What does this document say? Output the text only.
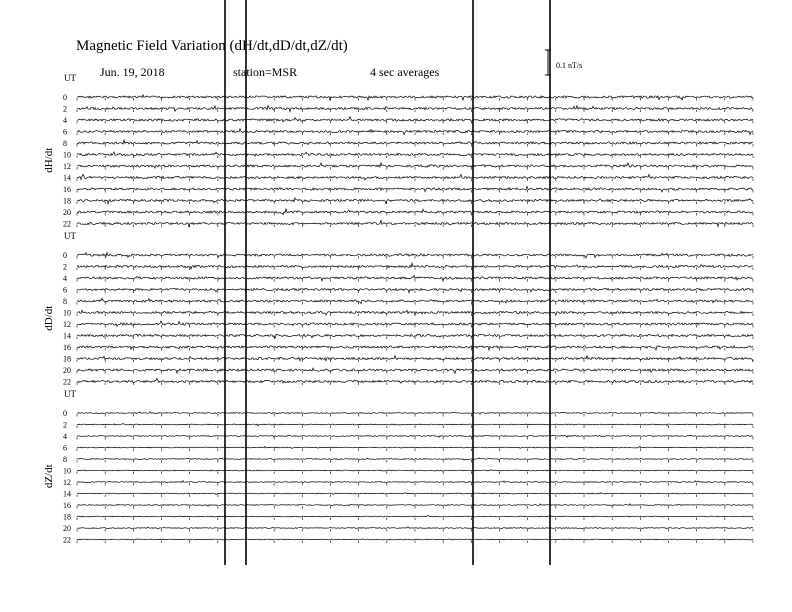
Magnetic Field Variation (dH/dt,dD/dt,dZ/dt)
Jun. 19, 2018	station=MSR	4 sec averages	0.1 nT/s
UT
dH/dt
0
2
4
6
8
10
12
14
16
18
20
22
UT
dD/dt
0
2
4
6
8
10
12
14
16
18
20
22
UT
dZ/dt
0
2
4
6
8
10
12
14
16
18
20
22
